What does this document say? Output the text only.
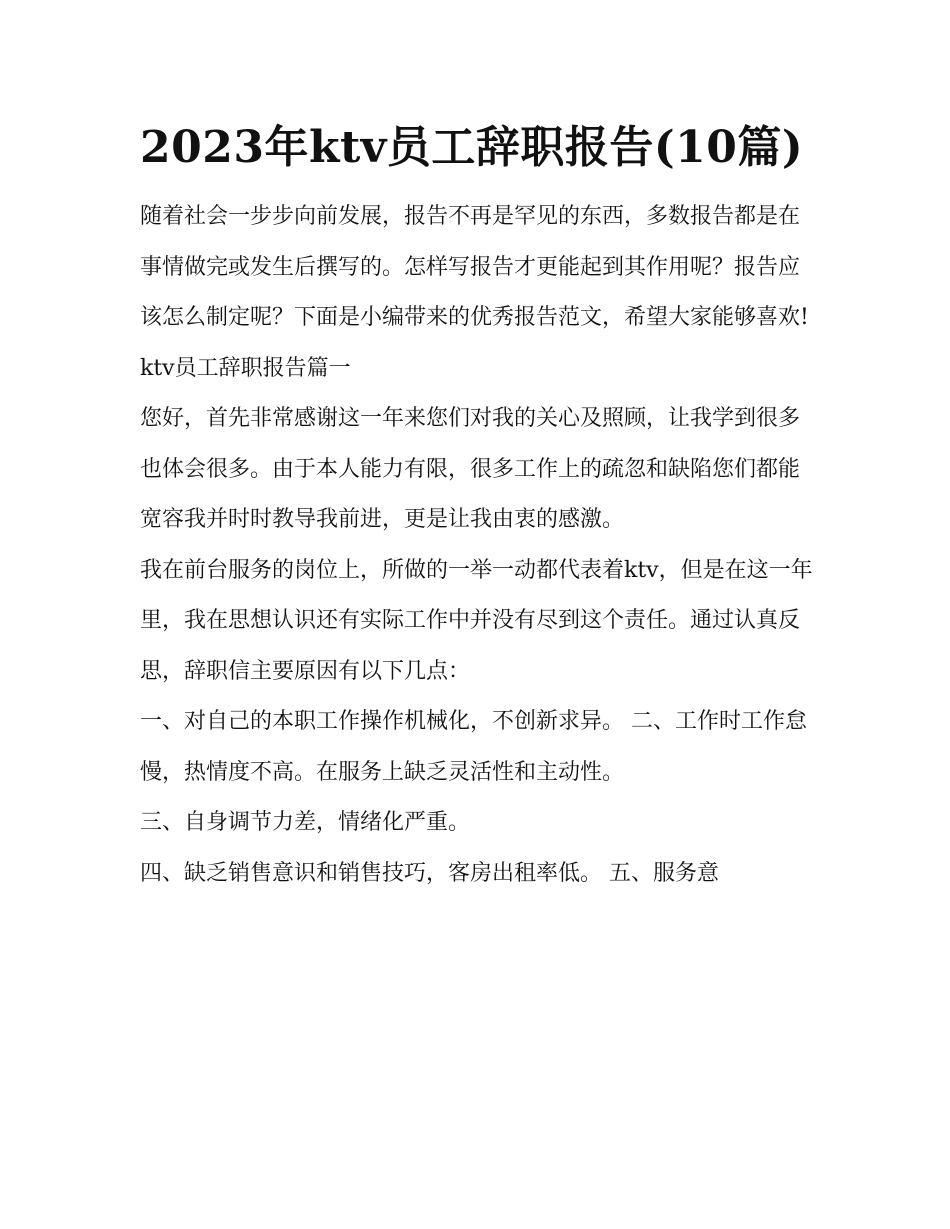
2023年ktv员工辞职报告(10篇)

随着社会一步步向前发展，报告不再是罕见的东西，多数报告都是在事情做完或发生后撰写的。怎样写报告才更能起到其作用呢？报告应该怎么制定呢？下面是小编带来的优秀报告范文，希望大家能够喜欢!

ktv员工辞职报告篇一

您好，首先非常感谢这一年来您们对我的关心及照顾，让我学到很多也体会很多。由于本人能力有限，很多工作上的疏忽和缺陷您们都能宽容我并时时教导我前进，更是让我由衷的感激。

我在前台服务的岗位上，所做的一举一动都代表着ktv，但是在这一年里，我在思想认识还有实际工作中并没有尽到这个责任。通过认真反思，辞职信主要原因有以下几点：

一、对自己的本职工作操作机械化，不创新求异。 二、工作时工作怠慢，热情度不高。在服务上缺乏灵活性和主动性。

三、自身调节力差，情绪化严重。

四、缺乏销售意识和销售技巧，客房出租率低。 五、服务意
